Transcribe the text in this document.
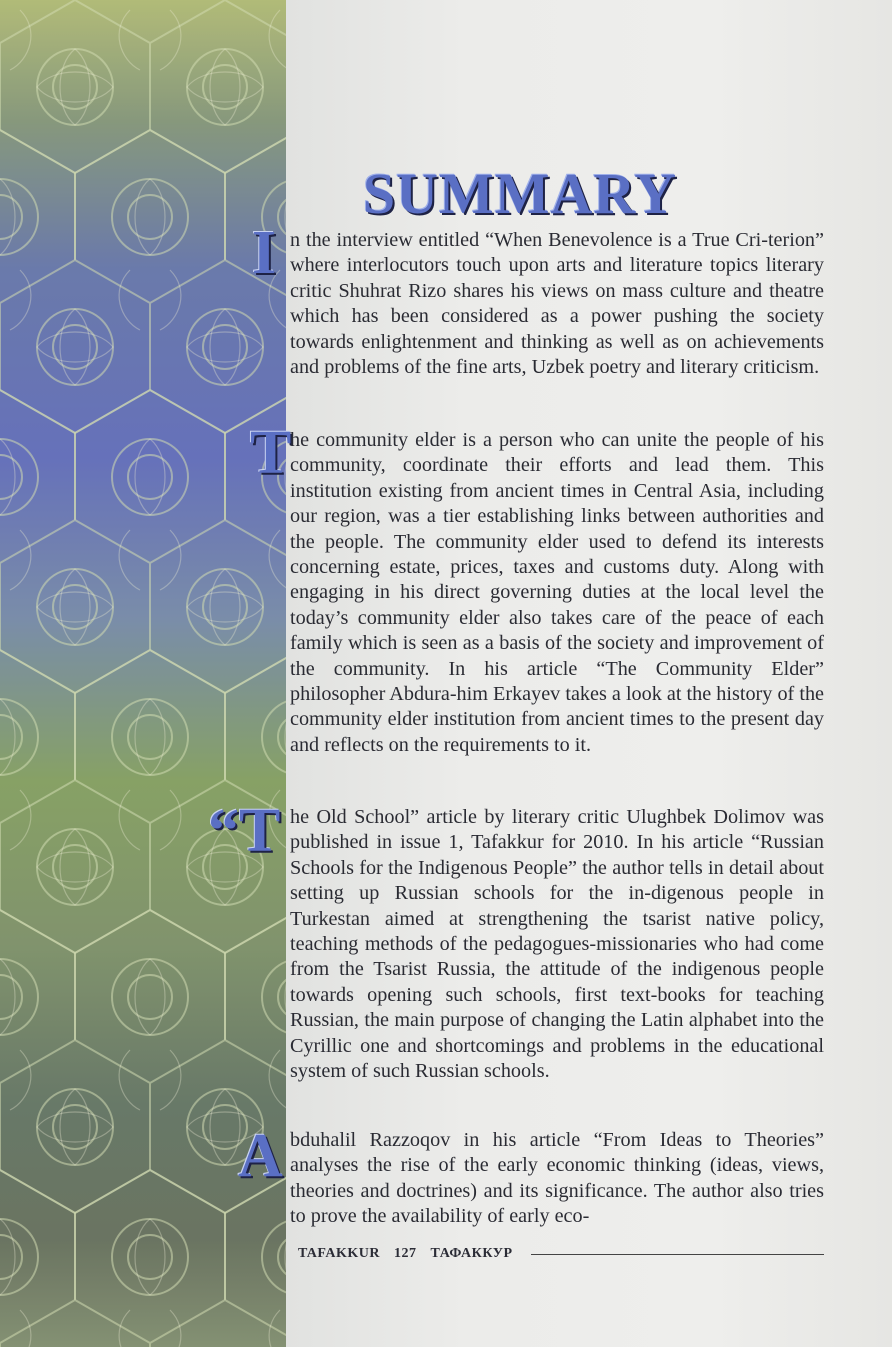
SUMMARY
I n the interview entitled “When Benevolence is a True Cri-terion” where interlocutors touch upon arts and literature topics literary critic Shuhrat Rizo shares his views on mass culture and theatre which has been considered as a power pushing the society towards enlightenment and thinking as well as on achievements and problems of the fine arts, Uzbek poetry and literary criticism.

T

he community elder is a person who can unite the people of his community, coordinate their efforts and lead them. This institution existing from ancient times in Central Asia, including our region, was a tier establishing links between authorities and the people. The community elder used to defend its interests concerning estate, prices, taxes and customs duty. Along with engaging in his direct governing duties at the local level the today’s community elder also takes care of the peace of each family which is seen as a basis of the society and improvement of the community. In his article “The Community Elder” philosopher Abdura-him Erkayev takes a look at the history of the community elder institution from ancient times to the present day and reflects on the requirements to it.

“T he Old School” article by literary critic Ulughbek Dolimov was published in issue 1, Tafakkur for 2010. In his article “Russian Schools for the Indigenous People” the author tells in detail about setting up Russian schools for the in-digenous people in Turkestan aimed at strengthening the tsarist native policy, teaching methods of the pedagogues-missionaries who had come from the Tsarist Russia, the attitude of the indigenous people towards opening such schools, first text-books for teaching Russian, the main purpose of changing the Latin alphabet into the Cyrillic one and shortcomings and problems in the educational system of such Russian schools.

A bduhalil Razzoqov in his article “From Ideas to Theories” analyses the rise of the early economic thinking (ideas, views, theories and doctrines) and its significance. The author also tries to prove the availability of early eco-

TAFAKKUR 127 ТАФАККУР
